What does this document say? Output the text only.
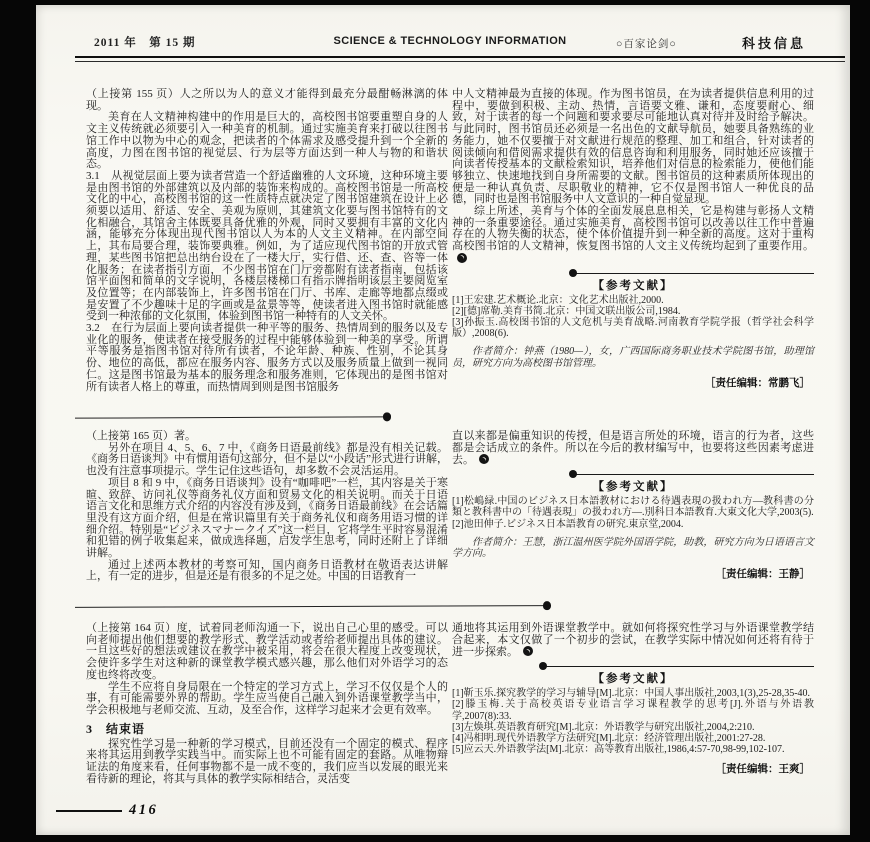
2011 年　第 15 期	SCIENCE & TECHNOLOGY INFORMATION	○百家论剑○	科技信息

（上接第 155 页）人之所以为人的意义才能得到最充分最酣畅淋漓的体现。

美育在人文精神构建中的作用是巨大的，高校图书馆要重塑自身的人文主义传统就必须要引入一种美育的机制。通过实施美育来打破以往图书馆工作中以物为中心的观念，把读者的个体需求及感受提升到一个全新的高度，力图在图书馆的视觉层、行为层等方面达到一种人与物的和谐状态。

3.1　从视觉层面上要为读者营造一个舒适幽雅的人文环境，这种环境主要是由图书馆的外部建筑以及内部的装饰来构成的。高校图书馆是一所高校文化的中心，高校图书馆的这一性质特点就决定了图书馆建筑在设计上必须要以适用、舒适、安全、美观为原则，其建筑文化要与图书馆特有的文化相融合，其馆舍主体既要具备优雅的外观，同时又要拥有丰富的文化内涵，能够充分体现出现代图书馆以人为本的人文主义精神。在内部空间上，其布局要合理，装饰要典雅。例如，为了适应现代图书馆的开放式管理，某些图书馆把总出纳台设在了一楼大厅，实行借、还、查、咨等一体化服务；在读者指引方面，不少图书馆在门厅旁都附有读者指南，包括该馆平面图和简单的文字说明，各楼层楼梯口有指示牌指明该层主要阅览室及位置等；在内部装饰上，许多图书馆在门厅、书库、走廊等地都点缀或是安置了不少趣味十足的字画或是盆景等等，使读者进入图书馆时就能感受到一种浓郁的文化氛围，体验到图书馆一种特有的人文关怀。

3.2　在行为层面上要向读者提供一种平等的服务、热情周到的服务以及专业化的服务，使读者在接受服务的过程中能够体验到一种美的享受。所谓平等服务是指图书馆对待所有读者，不论年龄、种族、性别，不论其身份、地位的高低，都应在服务内容、服务方式以及服务质量上做到一视同仁。这是图书馆最为基本的服务理念和服务准则，它体现出的是图书馆对所有读者人格上的尊重，而热情周到则是图书馆服务

中人文精神最为直接的体现。作为图书馆员，在为读者提供信息利用的过程中，要做到积极、主动、热情，言语要文雅、谦和，态度要耐心、细致，对于读者的每一个问题和要求要尽可能地认真对待并及时给予解决。与此同时，图书馆员还必须是一名出色的文献导航员，她要具备熟练的业务能力，她不仅要擅于对文献进行规范的整理、加工和组合，针对读者的阅读倾向和借阅需求提供有效的信息咨询和利用服务，同时她还应该擅于向读者传授基本的文献检索知识，培养他们对信息的检索能力，使他们能够独立、快速地找到自身所需要的文献。图书馆员的这种素质所体现出的便是一种认真负责、尽职敬业的精神，它不仅是图书馆人一种优良的品德，同时也是图书馆服务中人文意识的一种自觉显现。

综上所述，美育与个体的全面发展息息相关，它是构建与彰扬人文精神的一条重要途径。通过实施美育，高校图书馆可以改善以往工作中普遍存在的人物失衡的状态，使个体价值提升到一种全新的高度。这对于重构高校图书馆的人文精神，恢复图书馆的人文主义传统均起到了重要作用。

【参考文献】

[1]王宏建.艺术概论.北京：文化艺术出版社,2000.

[2][德]席勒.美育书简.北京：中国文联出版公司,1984.

[3]孙振玉.高校图书馆的人文危机与美育战略.河南教育学院学报（哲学社会科学版）,2008(6).

作者简介：钟燕（1980—），女，广西国际商务职业技术学院图书馆，助理馆员，研究方向为高校图书馆管理。

［责任编辑：常鹏飞］

（上接第 165 页）著。

另外在项目 4、5、6、7 中，《商务日语最前线》都是没有相关记载。《商务日语谈判》中有惯用语句这部分，但不是以“小段话”形式进行讲解，也没有注意事项提示。学生记住这些语句，却多数不会灵活运用。

项目 8 和 9 中，《商务日语谈判》设有“咖啡吧”一栏，其内容是关于寒暄、致辞、访问礼仪等商务礼仪方面和贸易文化的相关说明。而关于日语语言文化和思维方式介绍的内容没有涉及到，《商务日语最前线》在会话篇里没有这方面介绍，但是在常识篇里有关于商务礼仪和商务用语习惯的详细介绍。特别是“ビジネスマナークイズ”这一栏目，它将学生平时容易混淆和犯错的例子收集起来，做成选择题，启发学生思考，同时还附上了详细讲解。

通过上述两本教材的考察可知，国内商务日语教材在敬语表达讲解上，有一定的进步，但是还是有很多的不足之处。中国的日语教育一

直以来都是偏重知识的传授，但是语言所处的环境，语言的行为者，这些都是会话成立的条件。所以在今后的教材编写中，也要将这些因素考虑进去。

【参考文献】

[1]松嶋緑.中国のビジネス日本語教材における待遇表現の扱われ方―教科書の分類と教科書中の「待遇表現」の扱われ方―.別科日本語教育.大東文化大学,2003(5).

[2]池田伸子.ビジネス日本語教育の研究.東京堂,2004.

作者简介：王慧，浙江温州医学院外国语学院，助教，研究方向为日语语言文学方向。

［责任编辑：王静］

（上接第 164 页）度，试着同老师沟通一下，说出自己心里的感受。可以向老师提出他们想要的教学形式、教学活动或者给老师提出具体的建议。一旦这些好的想法或建议在教学中被采用，将会在很大程度上改变现状，会使许多学生对这种新的课堂教学模式感兴趣，那么他们对外语学习的态度也终将改变。

学生不应将自身局限在一个特定的学习方式上，学习不仅仅是个人的事，有可能需要外界的帮助。学生应当使自己融入到外语课堂教学当中，学会积极地与老师交流、互动，及至合作，这样学习起来才会更有效率。

3　结束语

探究性学习是一种新的学习模式，目前还没有一个固定的模式、程序来将其运用到教学实践当中。而实际上也不可能有固定的套路。从唯物辩证法的角度来看，任何事物都不是一成不变的，我们应当以发展的眼光来看待新的理论，将其与具体的教学实际相结合，灵活变

通地将其运用到外语课堂教学中。就如何将探究性学习与外语课堂教学结合起来，本文仅做了一个初步的尝试，在教学实际中情况如何还将有待于进一步探索。

【参考文献】

[1]靳玉乐.探究教学的学习与辅导[M].北京：中国人事出版社,2003,1(3),25-28,35-40.

[2]滕玉梅.关于高校英语专业语言学习课程教学的思考[J].外语与外语教学,2007(8):33.

[3]左焕琪.英语教育研究[M].北京：外语教学与研究出版社,2004,2:210.

[4]冯相明.现代外语教学方法研究[M].北京：经济管理出版社,2001:27-28.

[5]应云天.外语教学法[M].北京：高等教育出版社,1986,4:57-70,98-99,102-107.

［责任编辑：王爽］

416
